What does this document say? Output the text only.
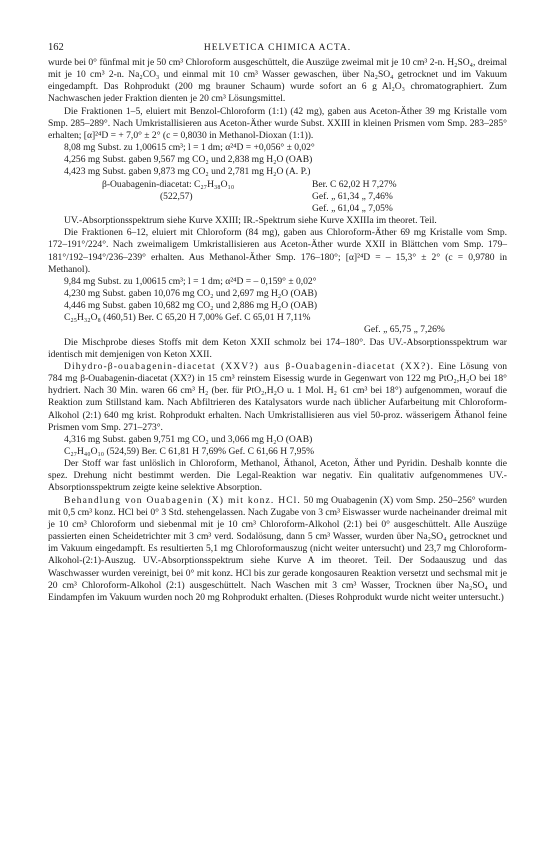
162	HELVETICA CHIMICA ACTA.

wurde bei 0° fünfmal mit je 50 cm³ Chloroform ausgeschüttelt, die Auszüge zweimal mit je 10 cm³ 2-n. H₂SO₄, dreimal mit je 10 cm³ 2-n. Na₂CO₃ und einmal mit 10 cm³ Wasser gewaschen, über Na₂SO₄ getrocknet und im Vakuum eingedampft. Das Rohprodukt (200 mg brauner Schaum) wurde sofort an 6 g Al₂O₃ chromatographiert. Zum Nachwaschen jeder Fraktion dienten je 20 cm³ Lösungsmittel.

Die Fraktionen 1–5, eluiert mit Benzol-Chloroform (1:1) (42 mg), gaben aus Aceton-Äther 39 mg Kristalle vom Smp. 285–289°. Nach Umkristallisieren aus Aceton-Äther wurde Subst. XXIII in kleinen Prismen vom Smp. 283–285° erhalten; [α]²⁴D = + 7,0° ± 2° (c = 0,8030 in Methanol-Dioxan (1:1)).

8,08 mg Subst. zu 1,00615 cm³; l = 1 dm; α²⁴D = +0,056° ± 0,02°
4,256 mg Subst. gaben 9,567 mg CO₂ und 2,838 mg H₂O (OAB)
4,423 mg Subst. gaben 9,873 mg CO₂ und 2,781 mg H₂O (A. P.)
β-Ouabagenin-diacetat: C₂₇H₃₈O₁₀	Ber. C 62,02 H 7,27%
(522,57)	Gef. „ 61,34 „ 7,46%
Gef. „ 61,04 „ 7,05%

UV.-Absorptionsspektrum siehe Kurve XXIII; IR.-Spektrum siehe Kurve XXIIIa im theoret. Teil.

Die Fraktionen 6–12, eluiert mit Chloroform (84 mg), gaben aus Chloroform-Äther 69 mg Kristalle vom Smp. 172–191°/224°. Nach zweimaligem Umkristallisieren aus Aceton-Äther wurde XXII in Blättchen vom Smp. 179–181°/192–194°/236–239° erhalten. Aus Methanol-Äther Smp. 176–180°; [α]²⁴D = – 15,3° ± 2° (c = 0,9780 in Methanol).

9,84 mg Subst. zu 1,00615 cm³; l = 1 dm; α²⁴D = – 0,159° ± 0,02°
4,230 mg Subst. gaben 10,076 mg CO₂ und 2,697 mg H₂O (OAB)
4,446 mg Subst. gaben 10,682 mg CO₂ und 2,886 mg H₂O (OAB)
C₂₅H₃₂O₈ (460,51) Ber. C 65,20 H 7,00% Gef. C 65,01 H 7,11%
Gef. „ 65,75 „ 7,26%

Die Mischprobe dieses Stoffs mit dem Keton XXII schmolz bei 174–180°. Das UV.-Absorptionsspektrum war identisch mit demjenigen von Keton XXII.

Dihydro-β-ouabagenin-diacetat (XXV?) aus β-Ouabagenin-diacetat (XX?). Eine Lösung von 784 mg β-Ouabagenin-diacetat (XX?) in 15 cm³ reinstem Eisessig wurde in Gegenwart von 122 mg PtO₂,H₂O bei 18° hydriert. Nach 30 Min. waren 66 cm³ H₂ (ber. für PtO₂,H₂O u. 1 Mol. H₂ 61 cm³ bei 18°) aufgenommen, worauf die Reaktion zum Stillstand kam. Nach Abfiltrieren des Katalysators wurde nach üblicher Aufarbeitung mit Chloroform-Alkohol (2:1) 640 mg krist. Rohprodukt erhalten. Nach Umkristallisieren aus viel 50-proz. wässerigem Äthanol feine Prismen vom Smp. 271–273°.

4,316 mg Subst. gaben 9,751 mg CO₂ und 3,066 mg H₂O (OAB)
C₂₇H₄₀O₁₀ (524,59) Ber. C 61,81 H 7,69% Gef. C 61,66 H 7,95%

Der Stoff war fast unlöslich in Chloroform, Methanol, Äthanol, Aceton, Äther und Pyridin. Deshalb konnte die spez. Drehung nicht bestimmt werden. Die Legal-Reaktion war negativ. Ein qualitativ aufgenommenes UV.-Absorptionsspektrum zeigte keine selektive Absorption.

Behandlung von Ouabagenin (X) mit konz. HCl. 50 mg Ouabagenin (X) vom Smp. 250–256° wurden mit 0,5 cm³ konz. HCl bei 0° 3 Std. stehengelassen. Nach Zugabe von 3 cm³ Eiswasser wurde nacheinander dreimal mit je 10 cm³ Chloroform und siebenmal mit je 10 cm³ Chloroform-Alkohol (2:1) bei 0° ausgeschüttelt. Alle Auszüge passierten einen Scheidetrichter mit 3 cm³ verd. Sodalösung, dann 5 cm³ Wasser, wurden über Na₂SO₄ getrocknet und im Vakuum eingedampft. Es resultierten 5,1 mg Chloroformauszug (nicht weiter untersucht) und 23,7 mg Chloroform-Alkohol-(2:1)-Auszug. UV.-Absorptionsspektrum siehe Kurve A im theoret. Teil. Der Sodaauszug und das Waschwasser wurden vereinigt, bei 0° mit konz. HCl bis zur gerade kongosauren Reaktion versetzt und sechsmal mit je 20 cm³ Chloroform-Alkohol (2:1) ausgeschüttelt. Nach Waschen mit 3 cm³ Wasser, Trocknen über Na₂SO₄ und Eindampfen im Vakuum wurden noch 20 mg Rohprodukt erhalten. (Dieses Rohprodukt wurde nicht weiter untersucht.)
